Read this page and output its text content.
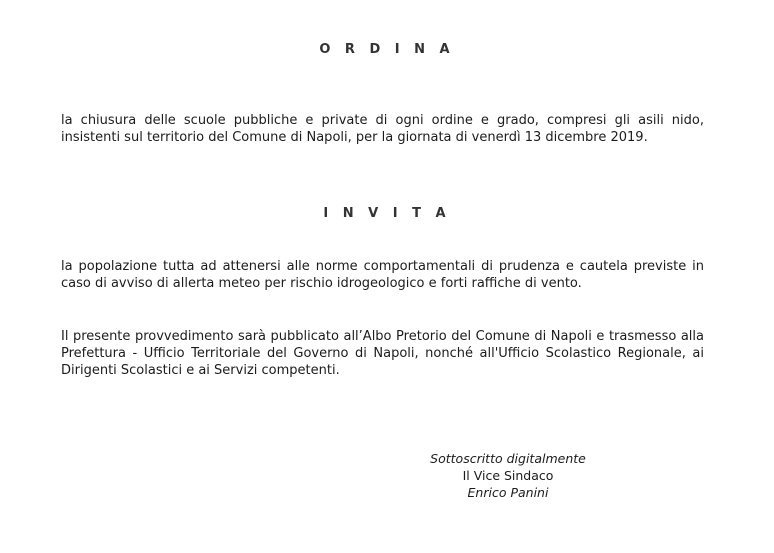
O R D I N A
la chiusura delle scuole pubbliche e private di ogni ordine e grado, compresi gli asili nido, insistenti sul territorio del Comune di Napoli, per la giornata di venerdì 13 dicembre 2019.
I N V I T A
la popolazione tutta ad attenersi alle norme comportamentali di prudenza e cautela previste in caso di avviso di allerta meteo per rischio idrogeologico e forti raffiche di vento.
Il presente provvedimento sarà pubblicato all’Albo Pretorio del Comune di Napoli e trasmesso alla Prefettura - Ufficio Territoriale del Governo di Napoli, nonché all'Ufficio Scolastico Regionale, ai Dirigenti Scolastici e ai Servizi competenti.
Sottoscritto digitalmente
Il Vice Sindaco
Enrico Panini
